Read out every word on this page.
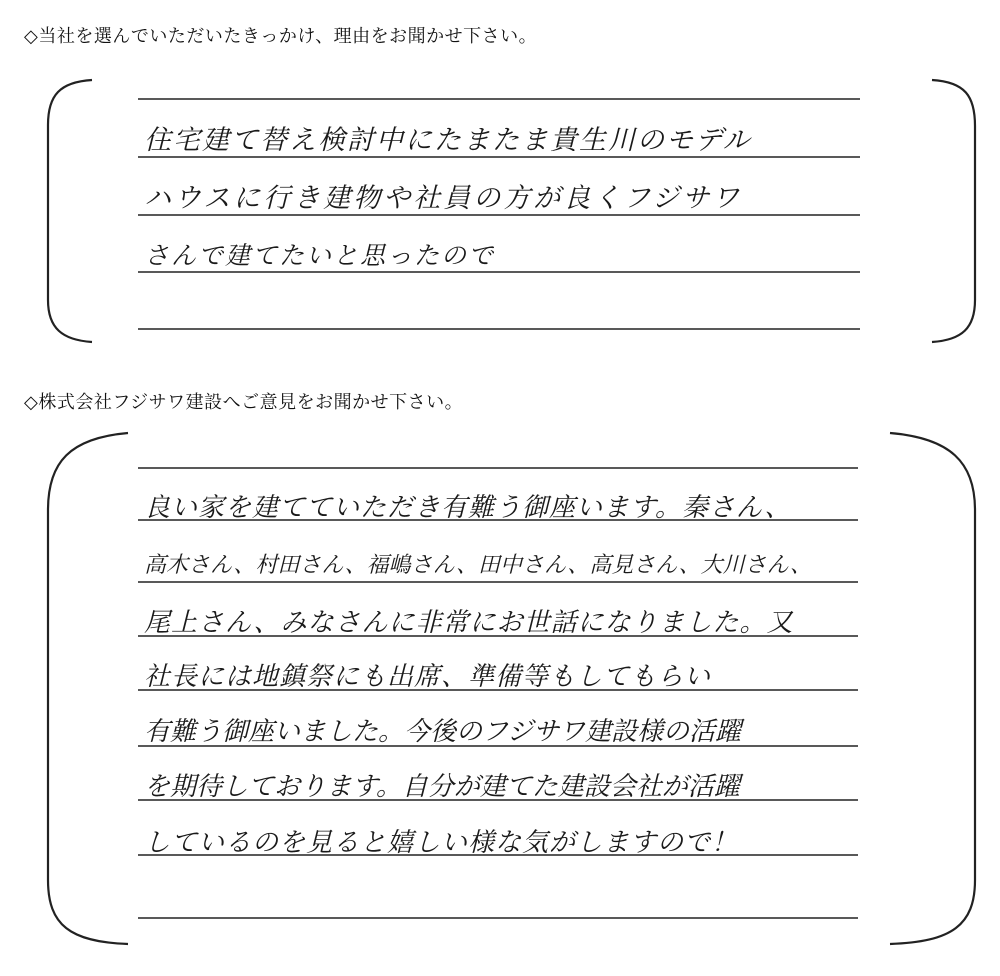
◇当社を選んでいただいたきっかけ、理由をお聞かせ下さい。
◇株式会社フジサワ建設へご意見をお聞かせ下さい。
住宅建て替え検討中にたまたま貴生川のモデル
ハウスに行き建物や社員の方が良くフジサワ
さんで建てたいと思ったので
良い家を建てていただき有難う御座います。秦さん、
高木さん、村田さん、福嶋さん、田中さん、高見さん、大川さん、
尾上さん、みなさんに非常にお世話になりました。又
社長には地鎮祭にも出席、準備等もしてもらい
有難う御座いました。今後のフジサワ建設様の活躍
を期待しております。自分が建てた建設会社が活躍
しているのを見ると嬉しい様な気がしますので！
